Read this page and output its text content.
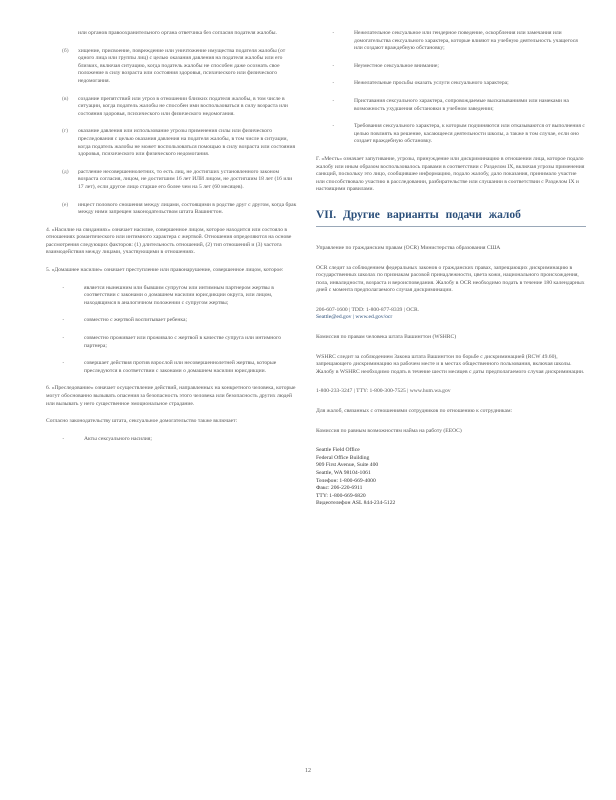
или органов правоохранительного органа ответчика без согласия подателя жалобы.

(б) хищение, присвоение, повреждение или уничтожение имущества подателя жалобы (от одного лица или группы лиц) с целью оказания давления на подателя жалобы или его близких, включая ситуацию, когда податель жалобы не способен даже осознать свое положение в силу возраста или состояния здоровья, психического или физического недомогания.

(в) создание препятствий или угроз в отношении близких подателя жалобы, в том числе в ситуации, когда податель жалобы не способен ими воспользоваться в силу возраста или состояния здоровья, психического или физического недомогания.

(г) оказание давления или использование угрозы применения силы или физического преследования с целью оказания давления на подателя жалобы, в том числе в ситуации, когда податель жалобы не может воспользоваться помощью в силу возраста или состояния здоровья, психического или физического недомогания.

(д) растление несовершеннолетних, то есть лиц, не достигших установленного законом возраста согласия, лицом, не достигшим 16 лет ИЛИ лицом, не достигшим 18 лет (16 или 17 лет), если другое лицо старше его более чем на 5 лет (60 месяцев).

(е) инцест полового сношения между лицами, состоящими в родстве друг с другом, когда брак между ними запрещен законодательством штата Вашингтон.

4. «Насилие на свиданиях» означает насилие, совершенное лицом, которое находится или состояло в отношениях романтического или интимного характера с жертвой. Отношения определяются на основе рассмотрения следующих факторов: (1) длительность отношений, (2) тип отношений и (3) частота взаимодействия между лицами, участвующими в отношениях.

5. «Домашнее насилие» означает преступление или правонарушение, совершенное лицом, которое:

·	является нынешним или бывшим супругом или интимным партнером жертвы в соответствии с законами о домашнем насилии юрисдикции округа, или лицом, находящимся в аналогичном положении с супругом жертвы;

·	совместно с жертвой воспитывает ребенка;

·	совместно проживает или проживало с жертвой в качестве супруга или интимного партнера;

·	совершает действия против взрослой или несовершеннолетней жертвы, которые преследуются в соответствии с законами о домашнем насилии юрисдикции.

6. «Преследование» означает осуществление действий, направленных на конкретного человека, которые могут обоснованно вызывать опасения за безопасность этого человека или безопасность других людей или вызывать у него существенное эмоциональное страдание.

Согласно законодательству штата, сексуальное домогательство также включает:

·	Акты сексуального насилия;

·	Нежелательное сексуальное или гендерное поведение, оскорбления или замечания или домогательства сексуального характера, которые влияют на учебную деятельность учащегося или создают враждебную обстановку;

·	Неуместное сексуальное внимание;

·	Нежелательные просьбы оказать услуги сексуального характера;

·	Приставания сексуального характера, сопровождаемые высказываниями или намеками на возможность ухудшения обстановки в учебном заведении;

·	Требования сексуального характера, к которым подчиняются или отказываются от выполнения с целью повлиять на решение, касающееся деятельности школы, а также в том случае, если оно создает враждебную обстановку.

Г. «Месть» означает запугивание, угрозы, принуждение или дискриминацию в отношении лица, которое подало жалобу или иным образом воспользовалось правами в соответствии с Разделом IX, включая угрозы применения санкций, поскольку это лицо, сообщившее информацию, подало жалобу, дало показания, принимало участие или способствовало участию в расследовании, разбирательстве или слушании в соответствии с Разделом IX и настоящими правилами.

VII. Другие варианты подачи жалоб

Управление по гражданским правам (OCR) Министерства образования США

OCR следит за соблюдением федеральных законов о гражданских правах, запрещающих дискриминацию в государственных школах по признакам расовой принадлежности, цвета кожи, национального происхождения, пола, инвалидности, возраста и вероисповедания. Жалобу в OCR необходимо подать в течение 180 календарных дней с момента предполагаемого случая дискриминации.

206-607-1600 | TDD: 1-800-877-8339 | OCR.

Seattle@ed.gov | www.ed.gov/ocr

Комиссия по правам человека штата Вашингтон (WSHRC)

WSHRC следит за соблюдением Закона штата Вашингтон по борьбе с дискриминацией (RCW 49.60), запрещающего дискриминацию на рабочем месте и в местах общественного пользования, включая школы. Жалобу в WSHRC необходимо подать в течение шести месяцев с даты предполагаемого случая дискриминации.

1-800-233-3247 | TTY: 1-800-300-7525 | www.hum.wa.gov

Для жалоб, связанных с отношениями сотрудников по отношению к сотрудникам:

Комиссия по равным возможностям найма на работу (EEOC)

Seattle Field Office

Federal Office Building

909 First Avenue, Suite 400

Seattle, WA 98104-1061

Телефон: 1-800-669-4000

Факс: 206-220-6911

TTY: 1-800-669-6820

Видеотелефон ASL 844-234-5122

12
